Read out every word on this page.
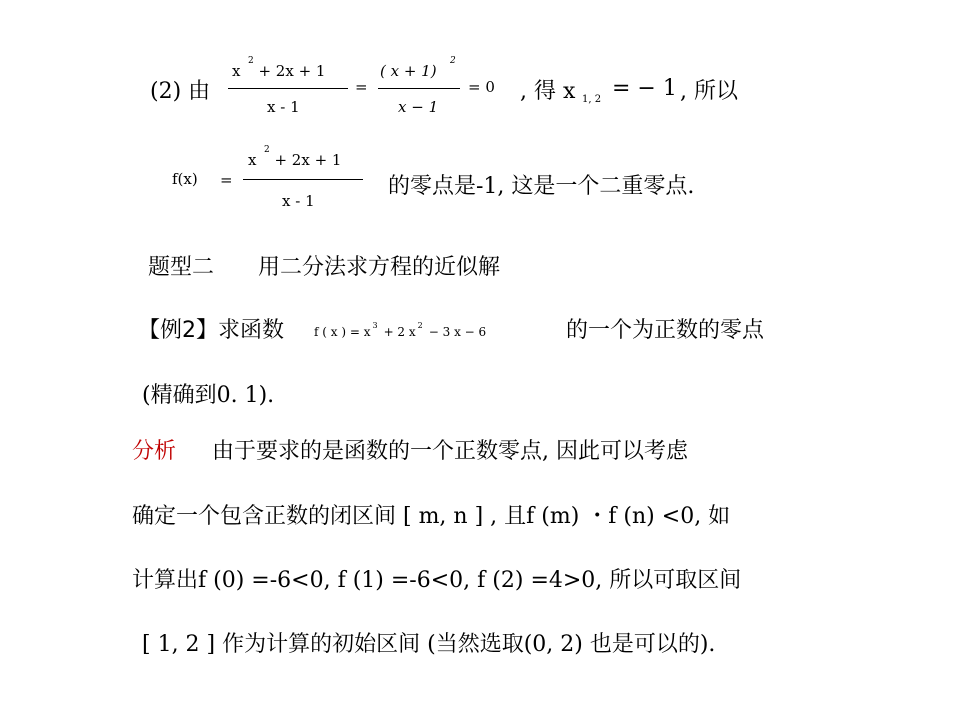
(2) 由
x
2
+ 2x + 1
x - 1
=
( x + 1)
2
x − 1
= 0 , 得 x 1, 2 = − 1 , 所以
f(x) =
x
2
+ 2x + 1
x - 1
的零点是-1, 这是一个二重零点.
题型二　　用二分法求方程的近似解
【例2】求函数	f ( x ) = x $^3$ + 2 x $^2$ − 3 x − 6	的一个为正数的零点
(精确到0. 1).
分析 由于要求的是函数的一个正数零点, 因此可以考虑
确定一个包含正数的闭区间 [ m, n ] , 且f (m) ・f (n) <0, 如
计算出f (0) =-6<0, f (1) =-6<0, f (2) =4>0, 所以可取区间
[ 1, 2 ] 作为计算的初始区间 (当然选取(0, 2) 也是可以的).
